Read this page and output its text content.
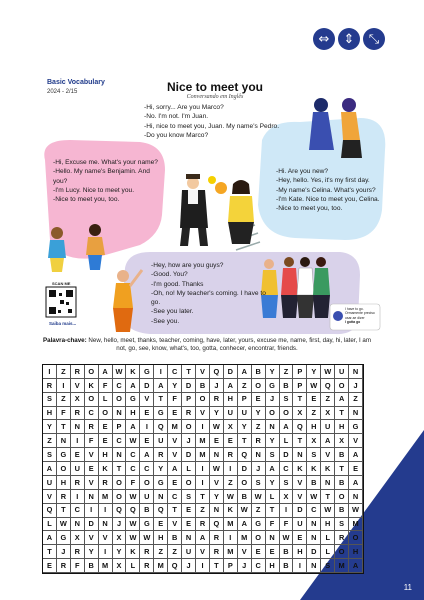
⇔	⇕	⤡
Basic Vocabulary
2024 - 2/15	Nice to meet you
Conversando em Inglês
SCAN ME
Saiba mais...
I have to go.
Ormamente preciso usar-se dizer
I gotta go
-Hi, sorry... Are you Marco?
-No. I'm not. I'm Juan.
-Hi, nice to meet you, Juan. My name's Pedro.
-Do you know Marco?
-Hi, Excuse me. What's your name?
-Hello. My name's Benjamin. And you?
-I'm Lucy. Nice to meet you.
-Nice to meet you, too.
-Hi. Are you new?
-Hey, hello. Yes, it's my first day.
-My name's Celina. What's yours?
-I'm Kate. Nice to meet you, Celina.
-Nice to meet you, too.
-Hey, how are you guys?
-Good. You?
-I'm good. Thanks
-Oh, no! My teacher's coming. I have to go.
-See you later.
-See you.
Palavra-chave: New, hello, meet, thanks, teacher, coming, have, later, yours, excuse me, name, first, day, hi, later, I am not, go, see, know, what's, too, gotta, conhecer, encontrar, friends.
I	Z	R	O	A	W	K	G	I	C	T	V	Q	D	A	B	Y	Z	P	Y	W	U	N
R	I	V	K	F	C	A	D	A	Y	D	B	J	A	Z	O	G	B	P	W	Q	O	J
S	Z	X	O	L	O	G	V	T	F	P	O	R	H	P	E	J	S	T	E	Z	A	Z
H	F	R	C	O	N	H	E	G	E	R	V	Y	U	U	Y	O	O	X	Z	X	T	N
Y	T	N	R	E	P	A	I	Q	M	O	I	W	X	Y	Z	N	A	Q	H	U	H	G
Z	N	I	F	E	C	W	E	U	V	J	M	E	E	T	R	Y	L	T	X	A	X	V
S	G	E	V	H	N	C	A	R	V	D	M	N	R	Q	N	S	D	N	S	V	B	A
A	O	U	E	K	T	C	C	Y	A	L	I	W	I	D	J	A	C	K	K	K	T	E
U	H	R	V	R	O	F	O	G	E	O	I	V	Z	O	S	Y	S	V	B	N	B	A
V	R	I	N	M	O	W	U	N	C	S	T	Y	W	B	W	L	X	V	W	T	O	N
Q	T	C	I	I	Q	Q	B	Q	T	E	Z	N	K	W	Z	T	I	D	C	W	B	W
L	W	N	D	N	J	W	G	E	V	E	R	Q	M	A	G	F	F	U	N	H	S	M
A	G	X	V	V	X	W W	H	B	N	A	R	I	M	O	N	W	E	N	L	R	O
T	J	R	Y	I	Y	K	R	Z	Z	U	V	R	M	V	E	E	B	H	D	L	O	H
E	R	F	B	M	X	L	R	M	Q	J	I	T	P	J	C	H	B	I	N	S	M	A
11
